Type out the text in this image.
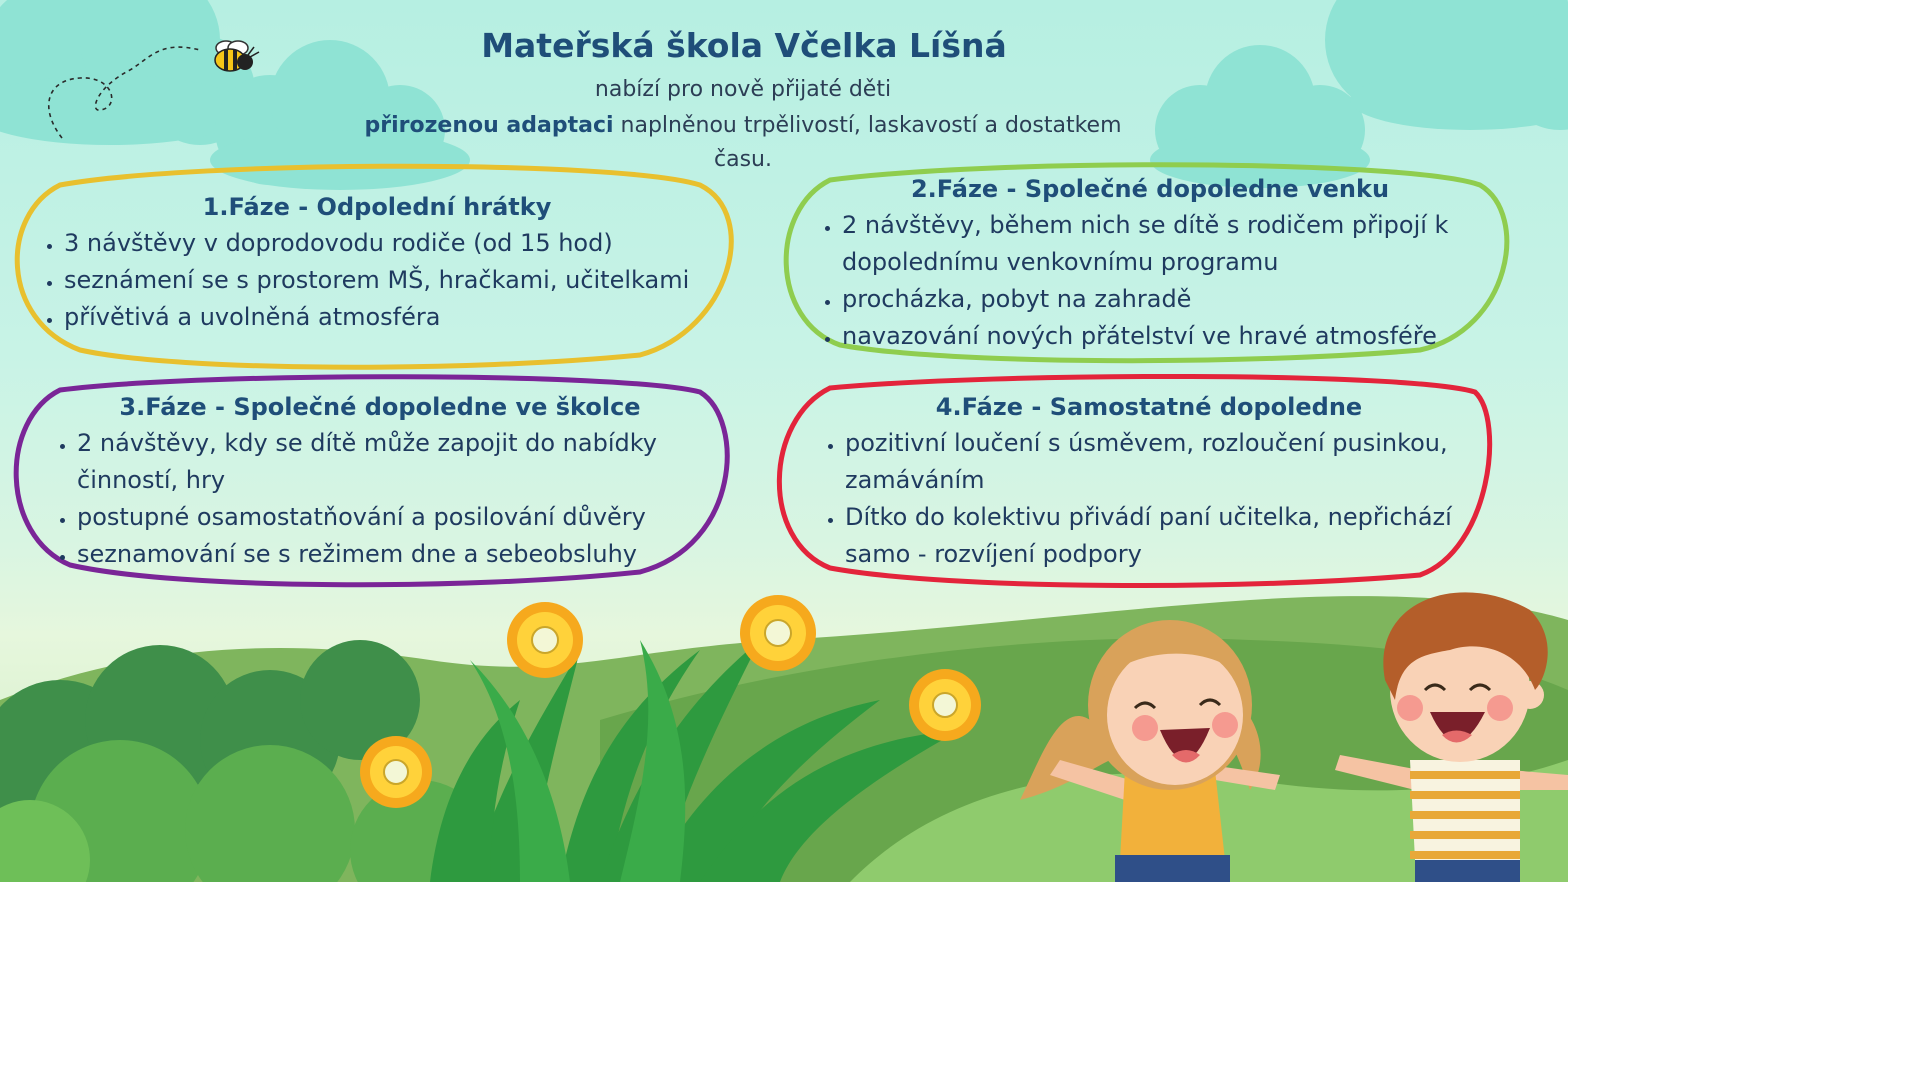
Mateřská škola Včelka Líšná
nabízí pro nově přijaté děti
přirozenou adaptaci naplněnou trpělivostí, laskavostí a dostatkem
času.
1.Fáze - Odpolední hrátky
• 3 návštěvy v doprodovodu rodiče (od 15 hod)
• seznámení se s prostorem MŠ, hračkami, učitelkami
• přívětivá a uvolněná atmosféra
2.Fáze - Společné dopoledne venku
• 2 návštěvy, během nich se dítě s rodičem připojí k dopolednímu venkovnímu programu
• procházka, pobyt na zahradě
• navazování nových přátelství ve hravé atmosféře
3.Fáze - Společné dopoledne ve školce
• 2 návštěvy, kdy se dítě může zapojit do nabídky činností, hry
• postupné osamostatňování a posilování důvěry
• seznamování se s režimem dne a sebeobsluhy
4.Fáze - Samostatné dopoledne
• pozitivní loučení s úsměvem, rozloučení pusinkou, zamáváním
• Dítko do kolektivu přivádí paní učitelka, nepřichází samo - rozvíjení podpory
